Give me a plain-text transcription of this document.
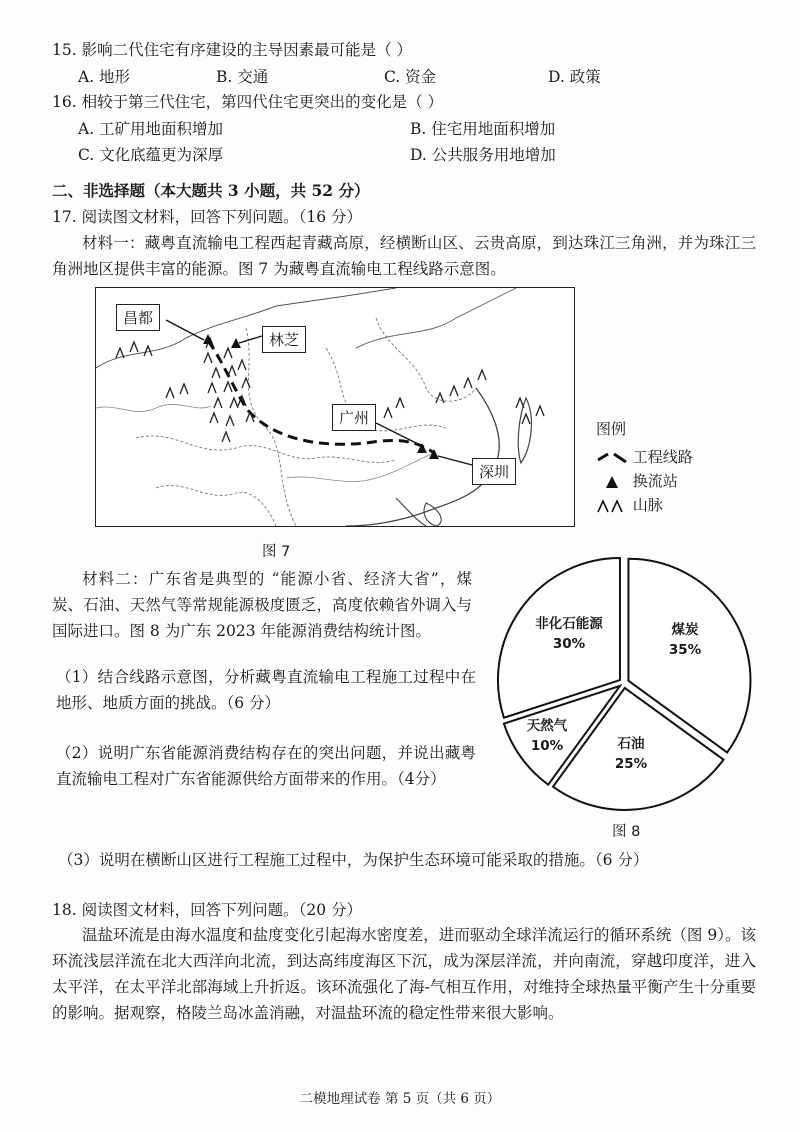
15. 影响二代住宅有序建设的主导因素最可能是（ ）
A. 地形	B. 交通	C. 资金	D. 政策
16. 相较于第三代住宅，第四代住宅更突出的变化是（ ）
A. 工矿用地面积增加	B. 住宅用地面积增加
C. 文化底蕴更为深厚	D. 公共服务用地增加
二、非选择题（本大题共 3 小题，共 52 分）
17. 阅读图文材料，回答下列问题。（16 分）
材料一：藏粤直流输电工程西起青藏高原，经横断山区、云贵高原，到达珠江三角洲，并为珠江三角洲地区提供丰富的能源。图 7 为藏粤直流输电工程线路示意图。
昌都
林芝
广州
深圳
图例
工程线路
换流站
山脉
图 7
材料二：广东省是典型的 “能源小省、经济大省”，煤炭、石油、天然气等常规能源极度匮乏，高度依赖省外调入与国际进口。图 8 为广东 2023 年能源消费结构统计图。
（1）结合线路示意图，分析藏粤直流输电工程施工过程中在地形、地质方面的挑战。（6 分）
（2）说明广东省能源消费结构存在的突出问题，并说出藏粤直流输电工程对广东省能源供给方面带来的作用。（4分）
非化石能源
30%
煤炭
35%
石油
25%
天然气
10%
图 8
（3）说明在横断山区进行工程施工过程中，为保护生态环境可能采取的措施。（6 分）
18. 阅读图文材料，回答下列问题。（20 分）
温盐环流是由海水温度和盐度变化引起海水密度差，进而驱动全球洋流运行的循环系统（图 9）。该环流浅层洋流在北大西洋向北流，到达高纬度海区下沉，成为深层洋流，并向南流，穿越印度洋，进入太平洋，在太平洋北部海域上升折返。该环流强化了海-气相互作用，对维持全球热量平衡产生十分重要的影响。据观察，格陵兰岛冰盖消融，对温盐环流的稳定性带来很大影响。
二模地理试卷 第 5 页（共 6 页）
